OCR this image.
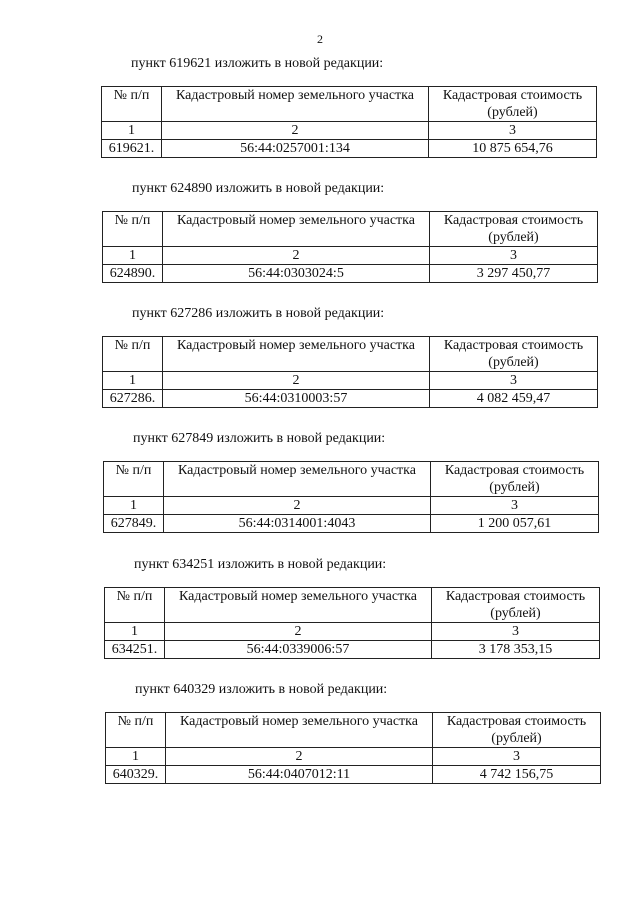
2

пункт 619621 изложить в новой редакции:

№ п/п	Кадастровый номер земельного участка	Кадастровая стоимость (рублей)
1	2	3
619621.	56:44:0257001:134	10 875 654,76

пункт 624890 изложить в новой редакции:

№ п/п	Кадастровый номер земельного участка	Кадастровая стоимость (рублей)
1	2	3
624890.	56:44:0303024:5	3 297 450,77

пункт 627286 изложить в новой редакции:

№ п/п	Кадастровый номер земельного участка	Кадастровая стоимость (рублей)
1	2	3
627286.	56:44:0310003:57	4 082 459,47

пункт 627849 изложить в новой редакции:

№ п/п	Кадастровый номер земельного участка	Кадастровая стоимость (рублей)
1	2	3
627849.	56:44:0314001:4043	1 200 057,61

пункт 634251 изложить в новой редакции:

№ п/п	Кадастровый номер земельного участка	Кадастровая стоимость (рублей)
1	2	3
634251.	56:44:0339006:57	3 178 353,15

пункт 640329 изложить в новой редакции:

№ п/п	Кадастровый номер земельного участка	Кадастровая стоимость (рублей)
1	2	3
640329.	56:44:0407012:11	4 742 156,75
